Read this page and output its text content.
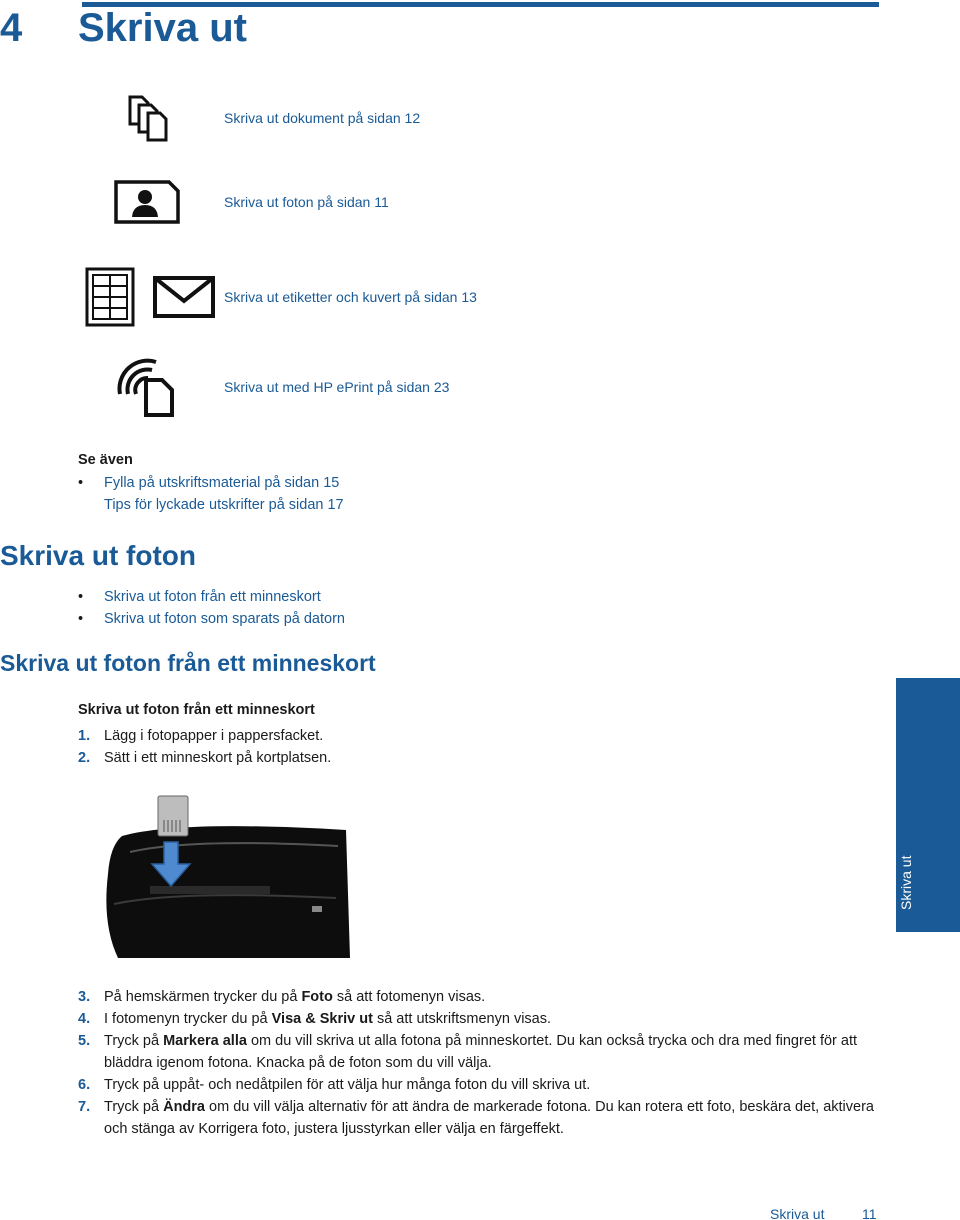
4 Skriva ut
Skriva ut dokument på sidan 12
Skriva ut foton på sidan 11
Skriva ut etiketter och kuvert på sidan 13
Skriva ut med HP ePrint på sidan 23
Se även
• Fylla på utskriftsmaterial på sidan 15
Tips för lyckade utskrifter på sidan 17
Skriva ut foton
• Skriva ut foton från ett minneskort
• Skriva ut foton som sparats på datorn
Skriva ut foton från ett minneskort
Skriva ut foton från ett minneskort
1. Lägg i fotopapper i pappersfacket.
2. Sätt i ett minneskort på kortplatsen.
Skriva ut
3. På hemskärmen trycker du på Foto så att fotomenyn visas.
4. I fotomenyn trycker du på Visa & Skriv ut så att utskriftsmenyn visas.
5. Tryck på Markera alla om du vill skriva ut alla fotona på minneskortet. Du kan också trycka och dra med fingret för att bläddra igenom fotona. Knacka på de foton som du vill välja.
6. Tryck på uppåt- och nedåtpilen för att välja hur många foton du vill skriva ut.
7. Tryck på Ändra om du vill välja alternativ för att ändra de markerade fotona. Du kan rotera ett foto, beskära det, aktivera och stänga av Korrigera foto, justera ljusstyrkan eller välja en färgeffekt.
Skriva ut	11
